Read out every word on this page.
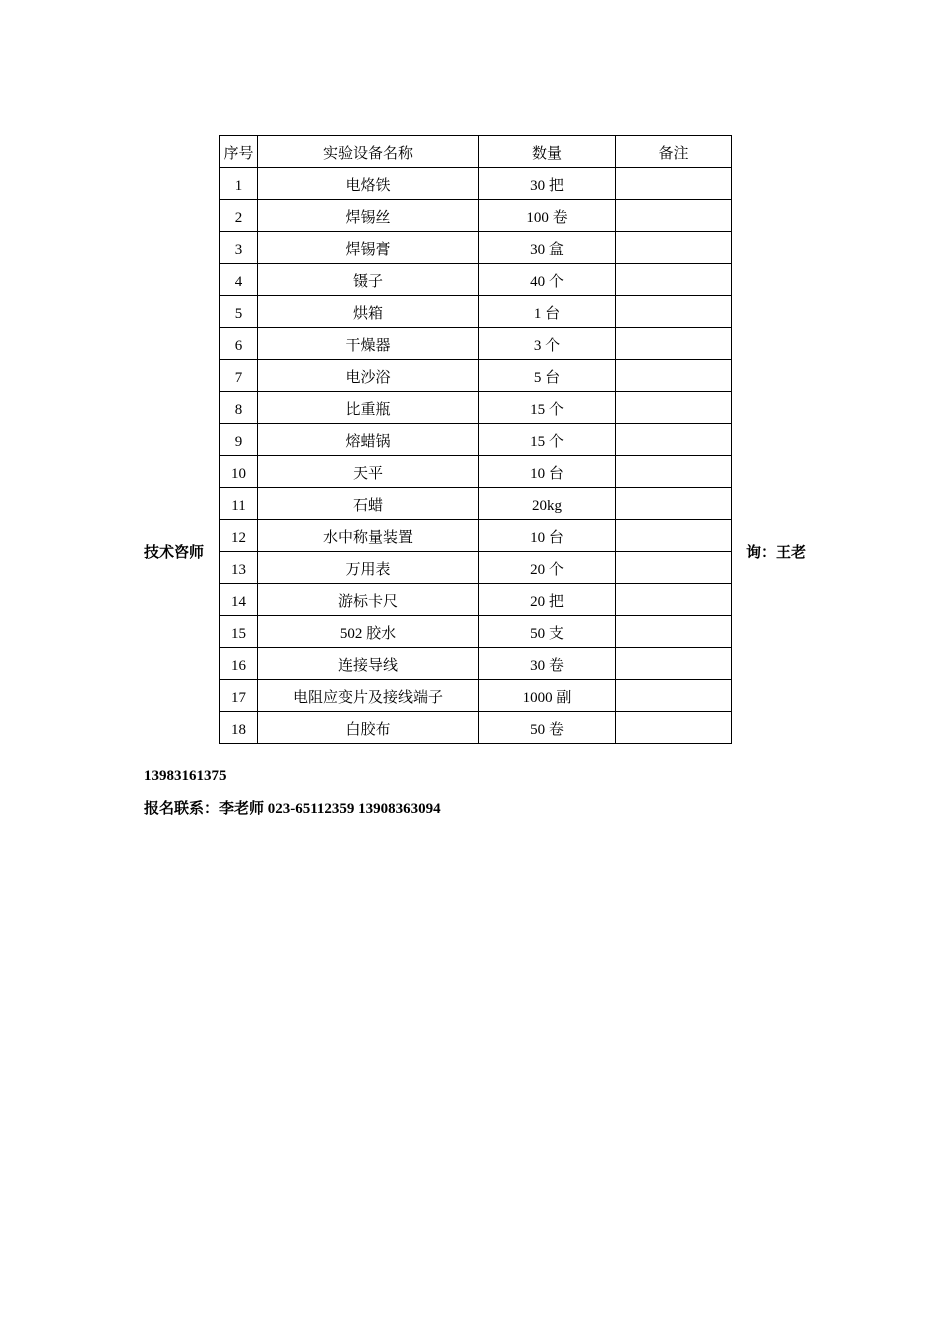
序号	实验设备名称	数量	备注
1	电烙铁	30 把	
2	焊锡丝	100 卷	
3	焊锡膏	30 盒	
4	镊子	40 个	
5	烘箱	1 台	
6	干燥器	3 个	
7	电沙浴	5 台	
8	比重瓶	15 个	
9	熔蜡锅	15 个	
10	天平	10 台	
11	石蜡	20kg	
12	水中称量装置	10 台	
13	万用表	20 个	
14	游标卡尺	20 把	
15	502 胶水	50 支	
16	连接导线	30 卷	
17	电阻应变片及接线端子	1000 副	
18	白胶布	50 卷	
技术咨师	询：王老
13983161375
报名联系：李老师 023-65112359 13908363094
